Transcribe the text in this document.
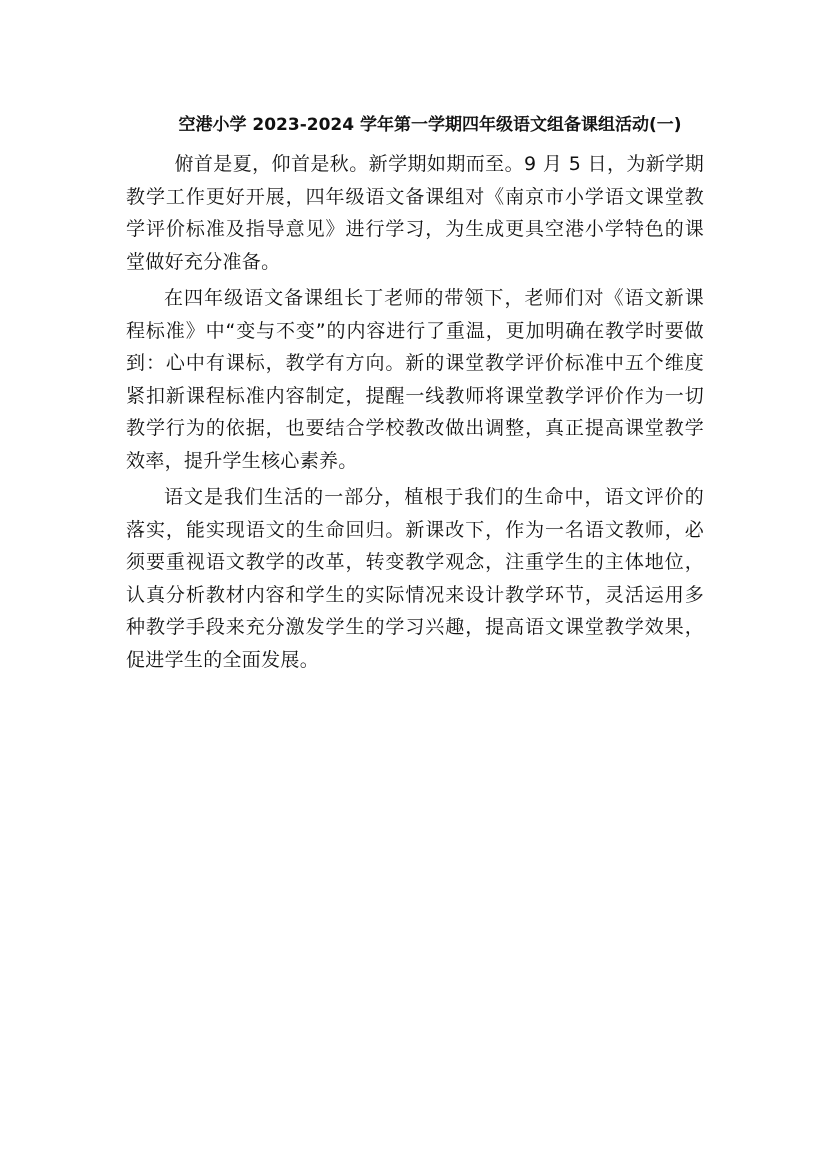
空港小学 2023-2024 学年第一学期四年级语文组备课组活动(一)

俯首是夏，仰首是秋。新学期如期而至。9 月 5 日，为新学期教学工作更好开展，四年级语文备课组对《南京市小学语文课堂教学评价标准及指导意见》进行学习，为生成更具空港小学特色的课堂做好充分准备。

在四年级语文备课组长丁老师的带领下，老师们对《语文新课程标准》中“变与不变”的内容进行了重温，更加明确在教学时要做到：心中有课标，教学有方向。新的课堂教学评价标准中五个维度紧扣新课程标准内容制定，提醒一线教师将课堂教学评价作为一切教学行为的依据，也要结合学校教改做出调整，真正提高课堂教学效率，提升学生核心素养。

语文是我们生活的一部分，植根于我们的生命中，语文评价的落实，能实现语文的生命回归。新课改下，作为一名语文教师，必须要重视语文教学的改革，转变教学观念，注重学生的主体地位，认真分析教材内容和学生的实际情况来设计教学环节，灵活运用多种教学手段来充分激发学生的学习兴趣，提高语文课堂教学效果，促进学生的全面发展。
